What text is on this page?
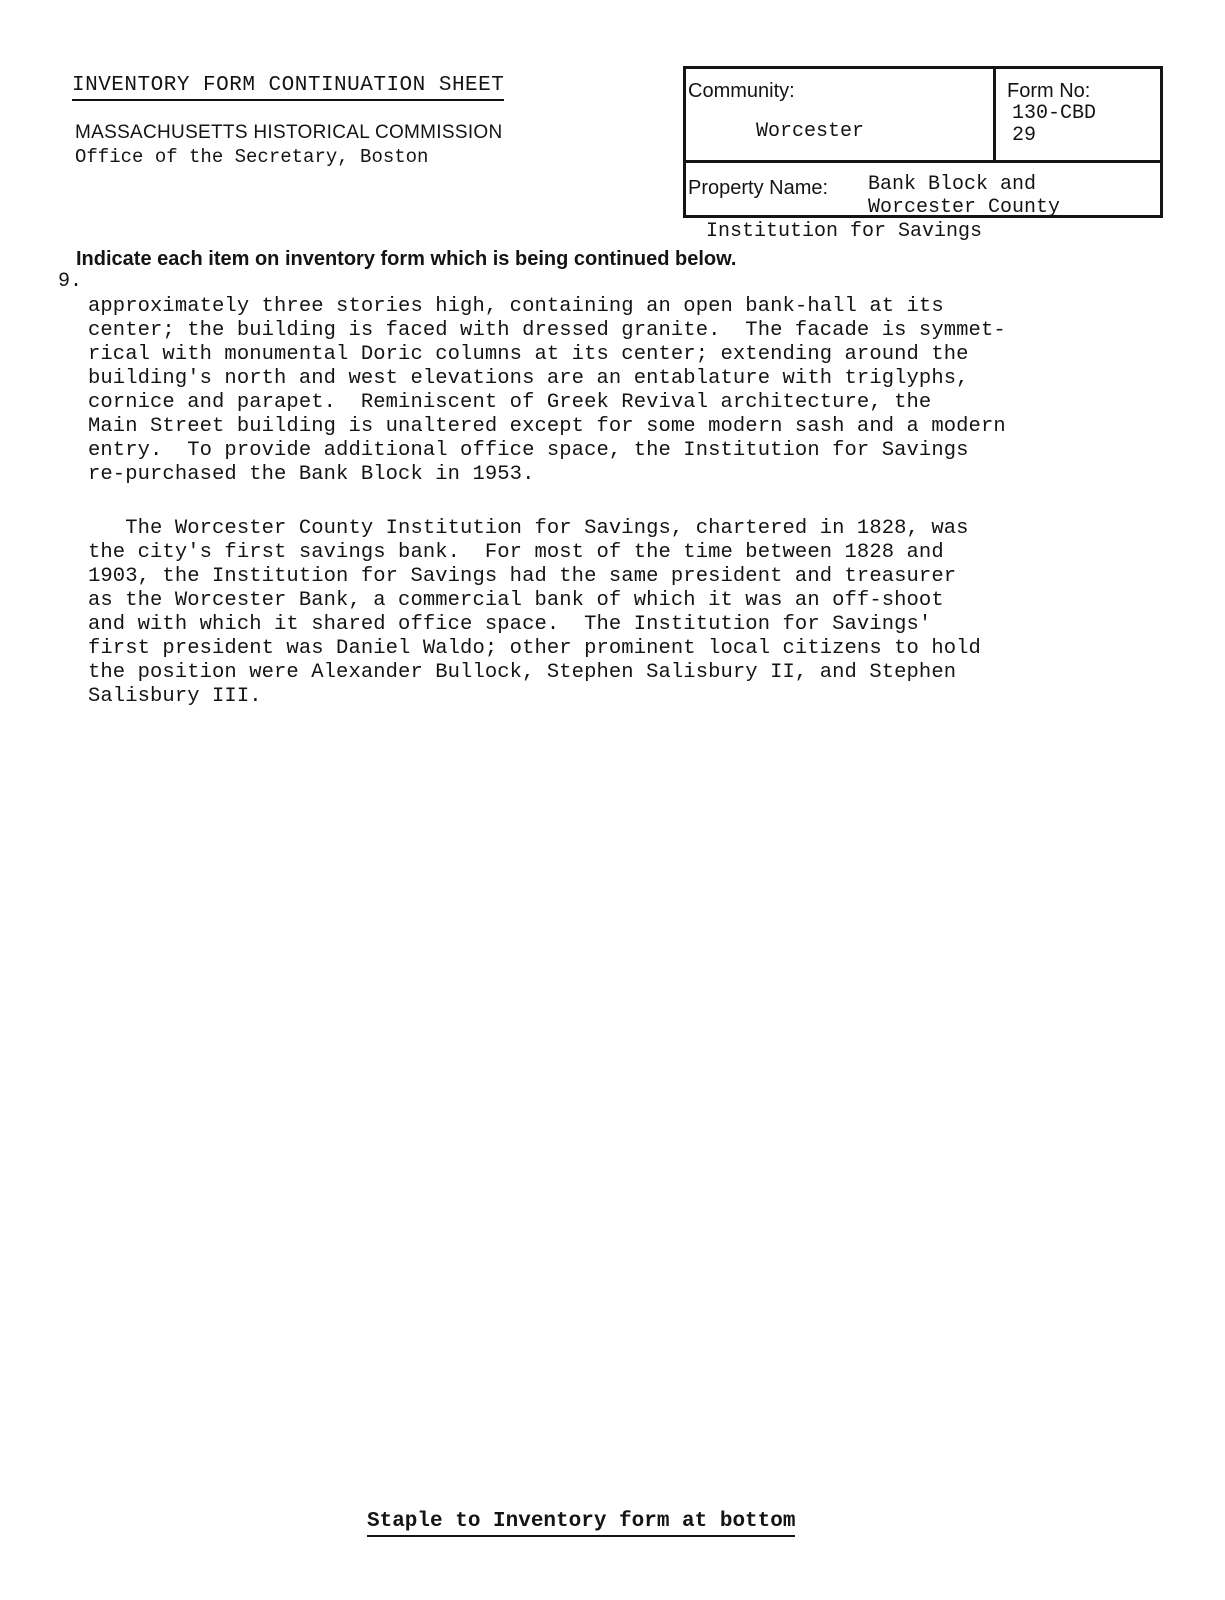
INVENTORY FORM CONTINUATION SHEET
MASSACHUSETTS HISTORICAL COMMISSION
Office of the Secretary, Boston
Community:
Worcester
Form No:
130-CBD
29
Property Name: Bank Block and
Worcester County
Institution for Savings
Indicate each item on inventory form which is being continued below.
9.
approximately three stories high, containing an open bank-hall at its
center; the building is faced with dressed granite.  The facade is symmet-
rical with monumental Doric columns at its center; extending around the
building's north and west elevations are an entablature with triglyphs,
cornice and parapet.  Reminiscent of Greek Revival architecture, the
Main Street building is unaltered except for some modern sash and a modern
entry.  To provide additional office space, the Institution for Savings
re-purchased the Bank Block in 1953.
The Worcester County Institution for Savings, chartered in 1828, was
the city's first savings bank.  For most of the time between 1828 and
1903, the Institution for Savings had the same president and treasurer
as the Worcester Bank, a commercial bank of which it was an off-shoot
and with which it shared office space.  The Institution for Savings'
first president was Daniel Waldo; other prominent local citizens to hold
the position were Alexander Bullock, Stephen Salisbury II, and Stephen
Salisbury III.
Staple to Inventory form at bottom
